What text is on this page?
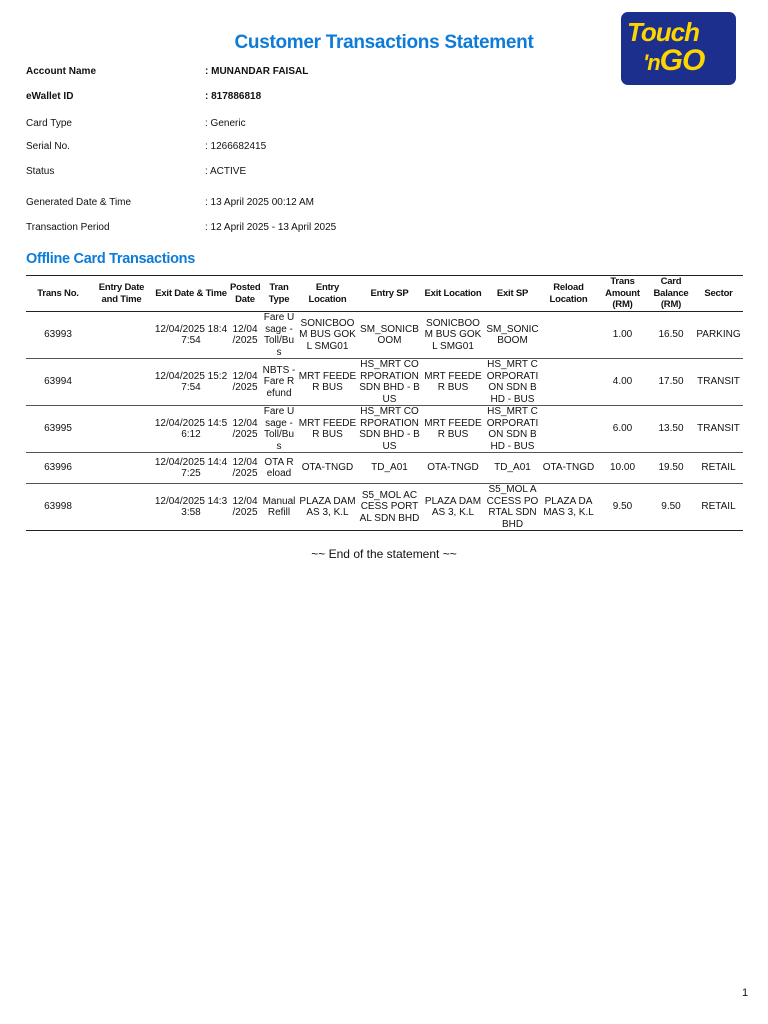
Customer Transactions Statement	Touch
'nGO
Account Name	: MUNANDAR FAISAL
eWallet ID	: 817886818
Card Type	: Generic
Serial No.	: 1266682415
Status	: ACTIVE
Generated Date & Time	: 13 April 2025 00:12 AM
Transaction Period	: 12 April 2025 - 13 April 2025
Offline Card Transactions
Trans No.	Entry Date and Time	Exit Date & Time	Posted Date	Tran Type	Entry Location	Entry SP	Exit Location	Exit SP	Reload Location	Trans Amount (RM)	Card Balance (RM)	Sector
63993		12/04/2025 18:47:54	12/04 /2025	Fare Usage - Toll/Bus	SONICBOOM BUS GOKL SMG01	SM_SONICBOOM	SONICBOOM BUS GOKL SMG01	SM_SONIC BOOM		1.00	16.50	PARKING
63994		12/04/2025 15:27:54	12/04 /2025	NBTS - Fare Refund	MRT FEEDER BUS	HS_MRT CORPORATION SDN BHD - BUS	MRT FEEDER BUS	HS_MRT CORPORATION SDN BHD - BUS		4.00	17.50	TRANSIT
63995		12/04/2025 14:56:12	12/04 /2025	Fare Usage - Toll/Bus	MRT FEEDER BUS	HS_MRT CORPORATION SDN BHD - BUS	MRT FEEDER BUS	HS_MRT CORPORATION SDN BHD - BUS		6.00	13.50	TRANSIT
63996		12/04/2025 14:47:25	12/04 /2025	OTA Reload	OTA-TNGD	TD_A01	OTA-TNGD	TD_A01	OTA-TNGD	10.00	19.50	RETAIL
63998		12/04/2025 14:33:58	12/04 /2025	Manual Refill	PLAZA DAMAS 3, K.L	S5_MOL ACCESS PORTAL SDN BHD	PLAZA DAMAS 3, K.L	S5_MOL ACCESS PORTAL SDN BHD	PLAZA DAMAS 3, K.L	9.50	9.50	RETAIL
~~ End of the statement ~~
1
